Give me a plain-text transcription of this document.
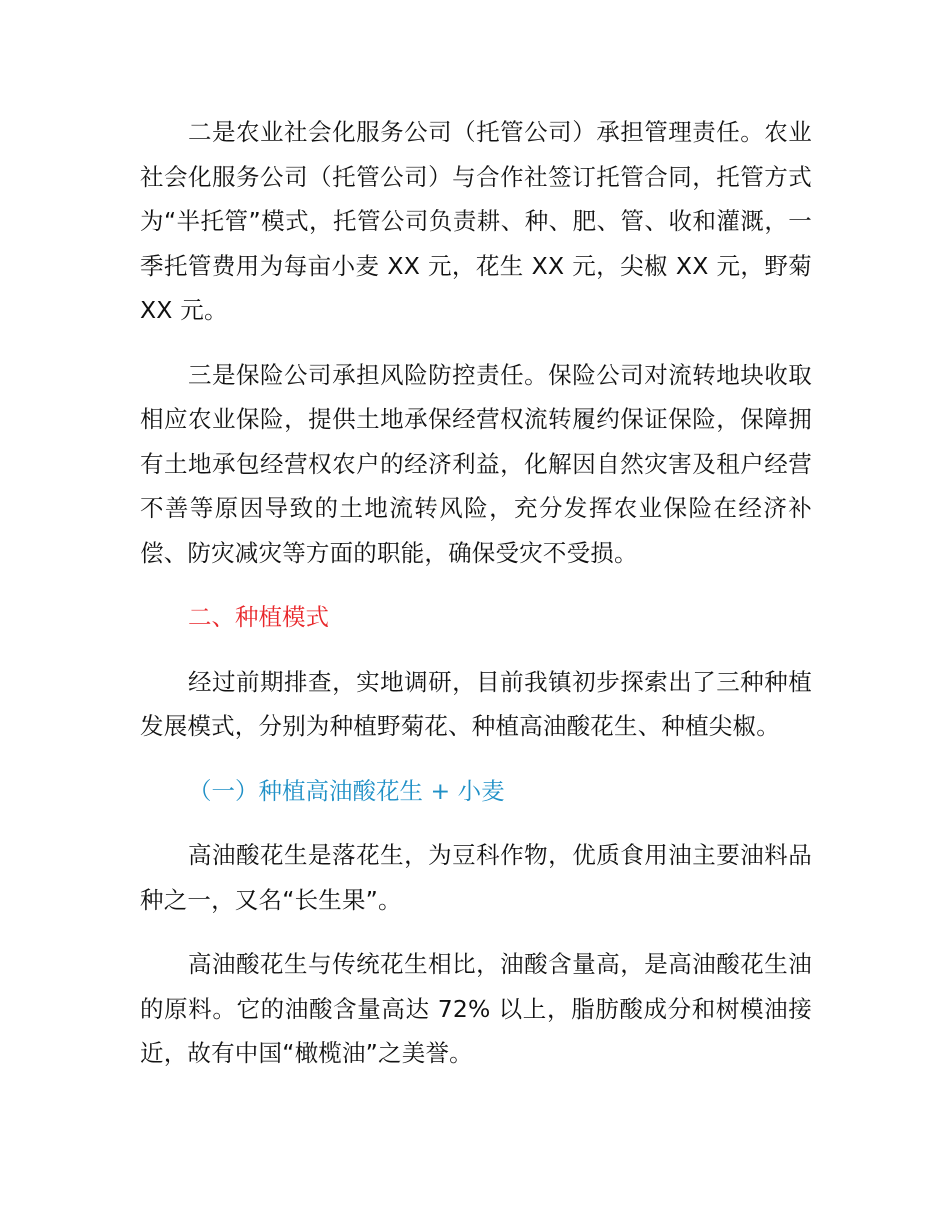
二是农业社会化服务公司（托管公司）承担管理责任。农业社会化服务公司（托管公司）与合作社签订托管合同，托管方式为“半托管”模式，托管公司负责耕、种、肥、管、收和灌溉，一季托管费用为每亩小麦 XX 元，花生 XX 元，尖椒 XX 元，野菊 XX 元。

三是保险公司承担风险防控责任。保险公司对流转地块收取相应农业保险，提供土地承保经营权流转履约保证保险，保障拥有土地承包经营权农户的经济利益，化解因自然灾害及租户经营不善等原因导致的土地流转风险，充分发挥农业保险在经济补偿、防灾减灾等方面的职能，确保受灾不受损。

二、种植模式

经过前期排查，实地调研，目前我镇初步探索出了三种种植发展模式，分别为种植野菊花、种植高油酸花生、种植尖椒。

（一）种植高油酸花生 + 小麦

高油酸花生是落花生，为豆科作物，优质食用油主要油料品种之一，又名“长生果”。

高油酸花生与传统花生相比，油酸含量高，是高油酸花生油的原料。它的油酸含量高达 72% 以上，脂肪酸成分和树模油接近，故有中国“橄榄油”之美誉。
